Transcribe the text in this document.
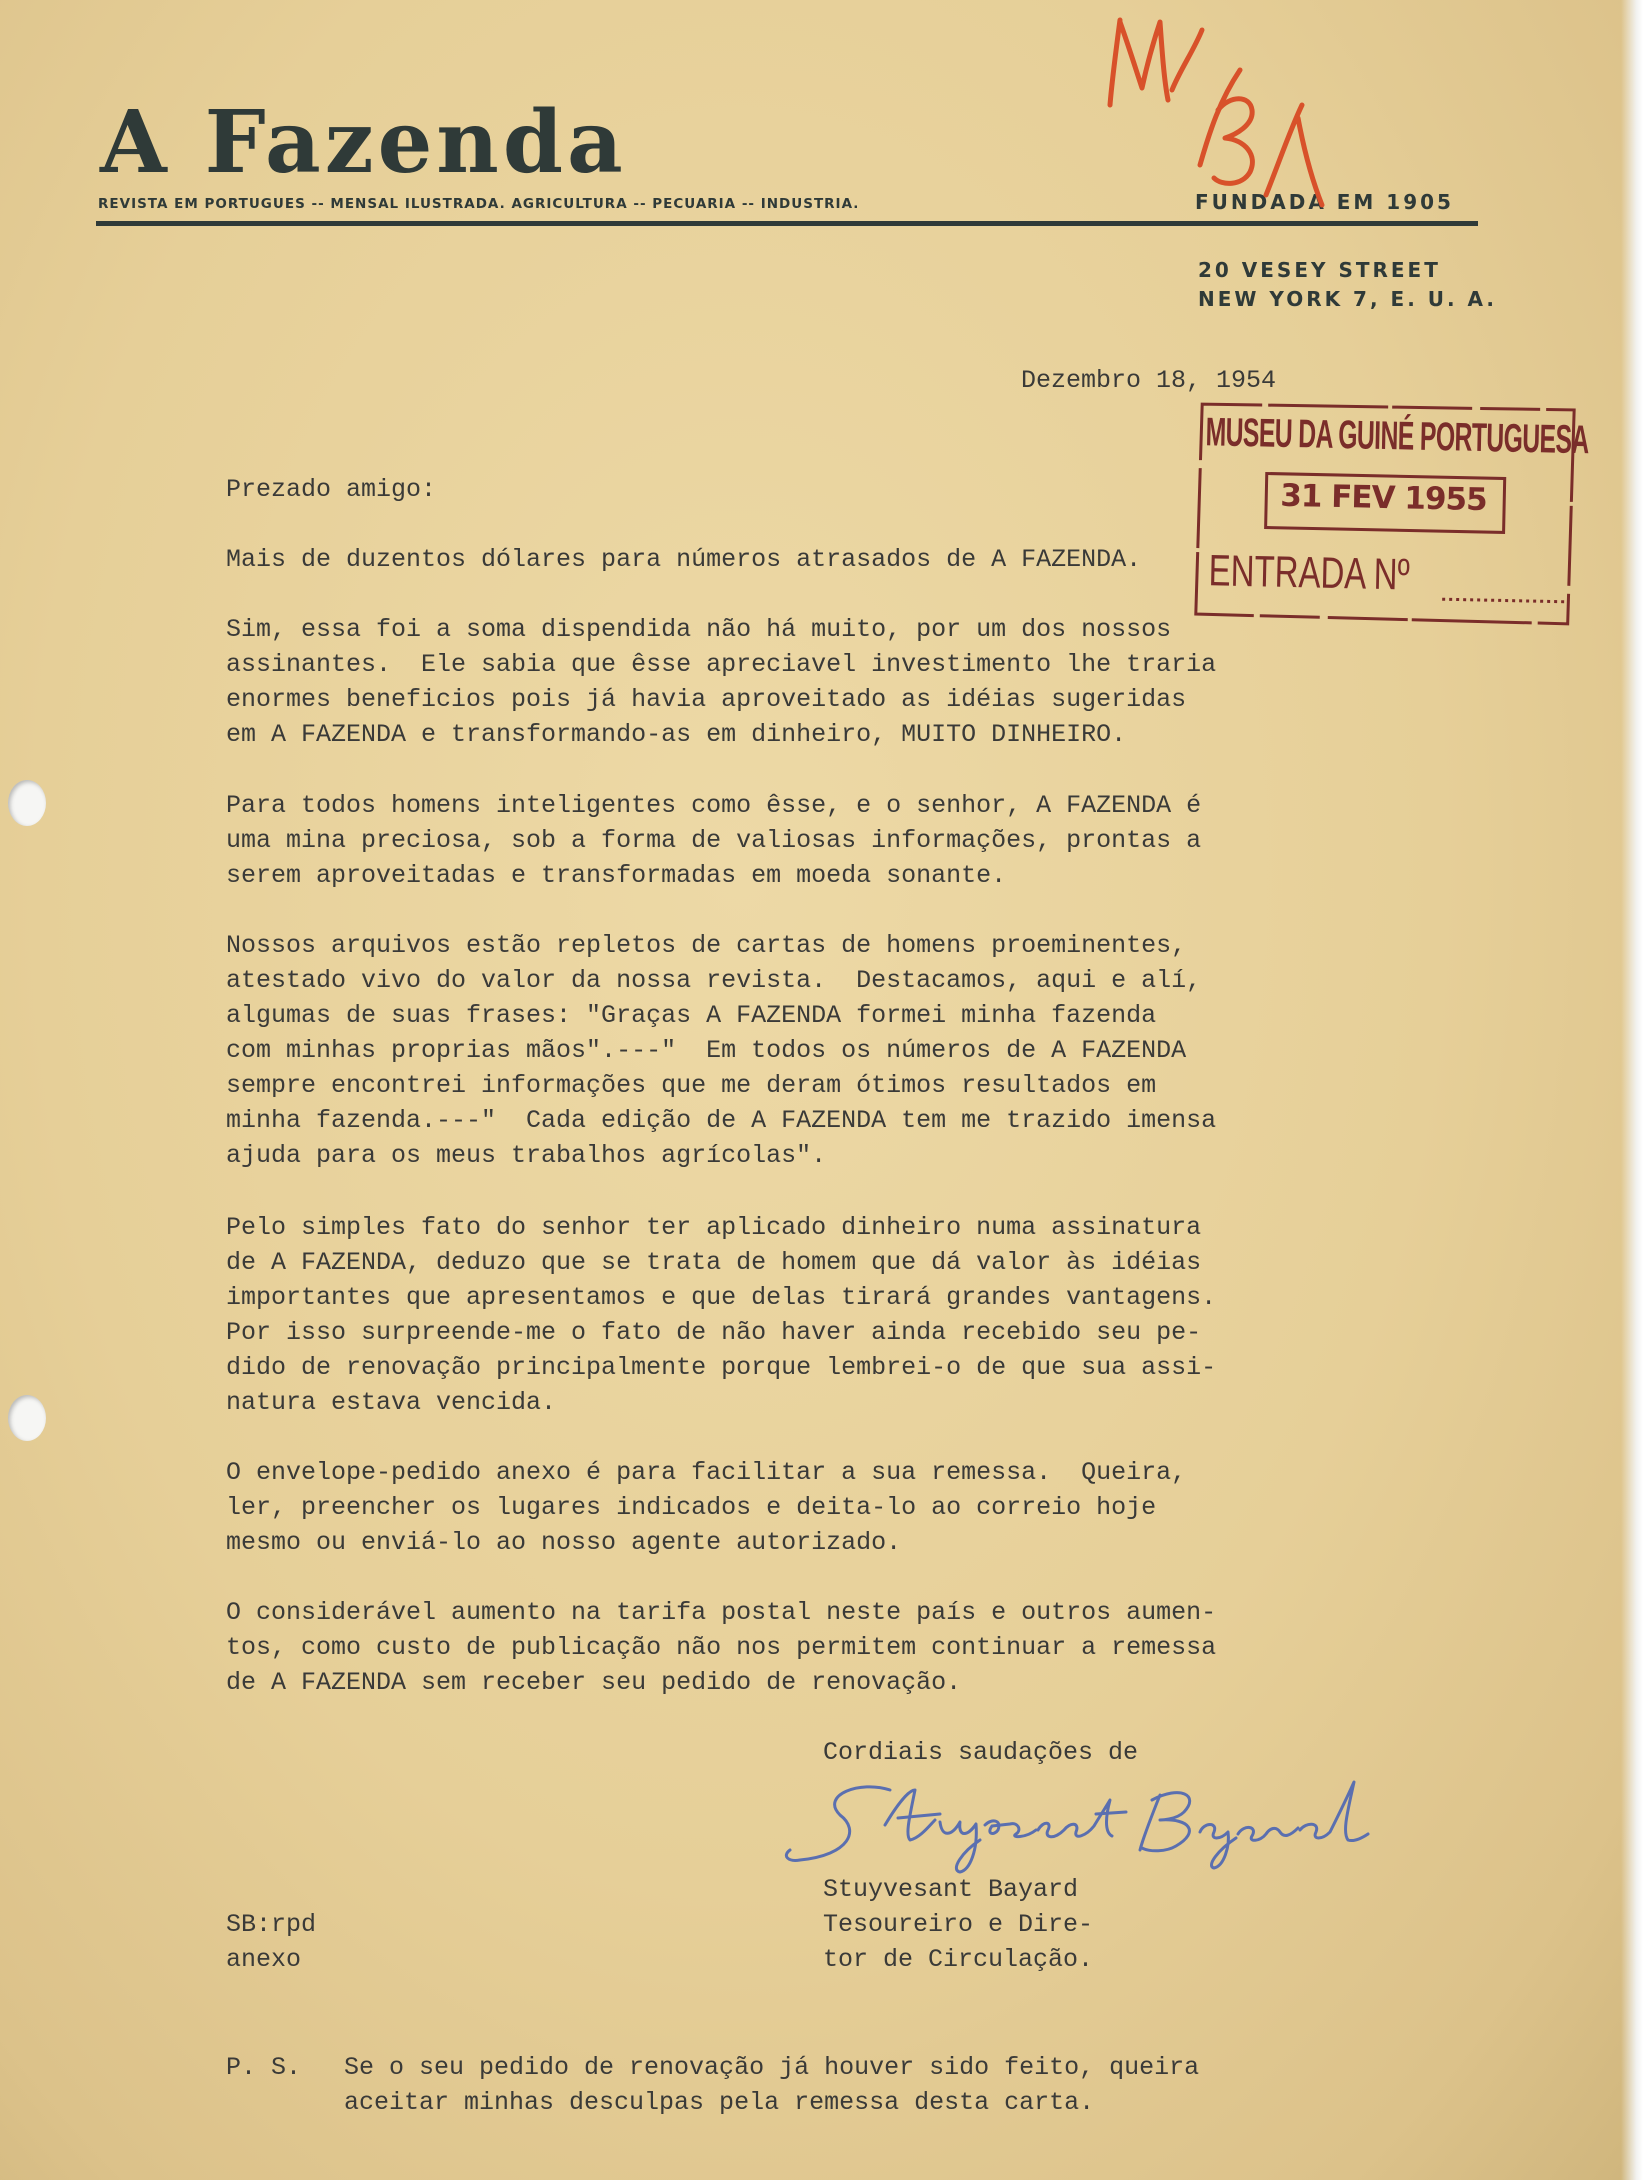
A Fazenda
REVISTA EM PORTUGUES -- MENSAL ILUSTRADA. AGRICULTURA -- PECUARIA -- INDUSTRIA.	FUNDADA EM 1905
20 VESEY STREET
NEW YORK 7, E. U. A.
Dezembro 18, 1954
MUSEU DA GUINÉ PORTUGUESA
31 FEV 1955
ENTRADA Nº
Prezado amigo:
Mais de duzentos dólares para números atrasados de A FAZENDA.
Sim, essa foi a soma dispendida não há muito, por um dos nossos
assinantes.  Ele sabia que êsse apreciavel investimento lhe traria
enormes beneficios pois já havia aproveitado as idéias sugeridas
em A FAZENDA e transformando-as em dinheiro, MUITO DINHEIRO.
Para todos homens inteligentes como êsse, e o senhor, A FAZENDA é
uma mina preciosa, sob a forma de valiosas informações, prontas a
serem aproveitadas e transformadas em moeda sonante.
Nossos arquivos estão repletos de cartas de homens proeminentes,
atestado vivo do valor da nossa revista.  Destacamos, aqui e alí,
algumas de suas frases: "Graças A FAZENDA formei minha fazenda
com minhas proprias mãos".---"  Em todos os números de A FAZENDA
sempre encontrei informações que me deram ótimos resultados em
minha fazenda.---"  Cada edição de A FAZENDA tem me trazido imensa
ajuda para os meus trabalhos agrícolas".
Pelo simples fato do senhor ter aplicado dinheiro numa assinatura
de A FAZENDA, deduzo que se trata de homem que dá valor às idéias
importantes que apresentamos e que delas tirará grandes vantagens.
Por isso surpreende-me o fato de não haver ainda recebido seu pe-
dido de renovação principalmente porque lembrei-o de que sua assi-
natura estava vencida.
O envelope-pedido anexo é para facilitar a sua remessa.  Queira,
ler, preencher os lugares indicados e deita-lo ao correio hoje
mesmo ou enviá-lo ao nosso agente autorizado.
O considerável aumento na tarifa postal neste país e outros aumen-
tos, como custo de publicação não nos permitem continuar a remessa
de A FAZENDA sem receber seu pedido de renovação.
Cordiais saudações de
Stuyvesant Bayard
Tesoureiro e Dire-
tor de Circulação.
SB:rpd
anexo
P. S. Se o seu pedido de renovação já houver sido feito, queira
aceitar minhas desculpas pela remessa desta carta.
